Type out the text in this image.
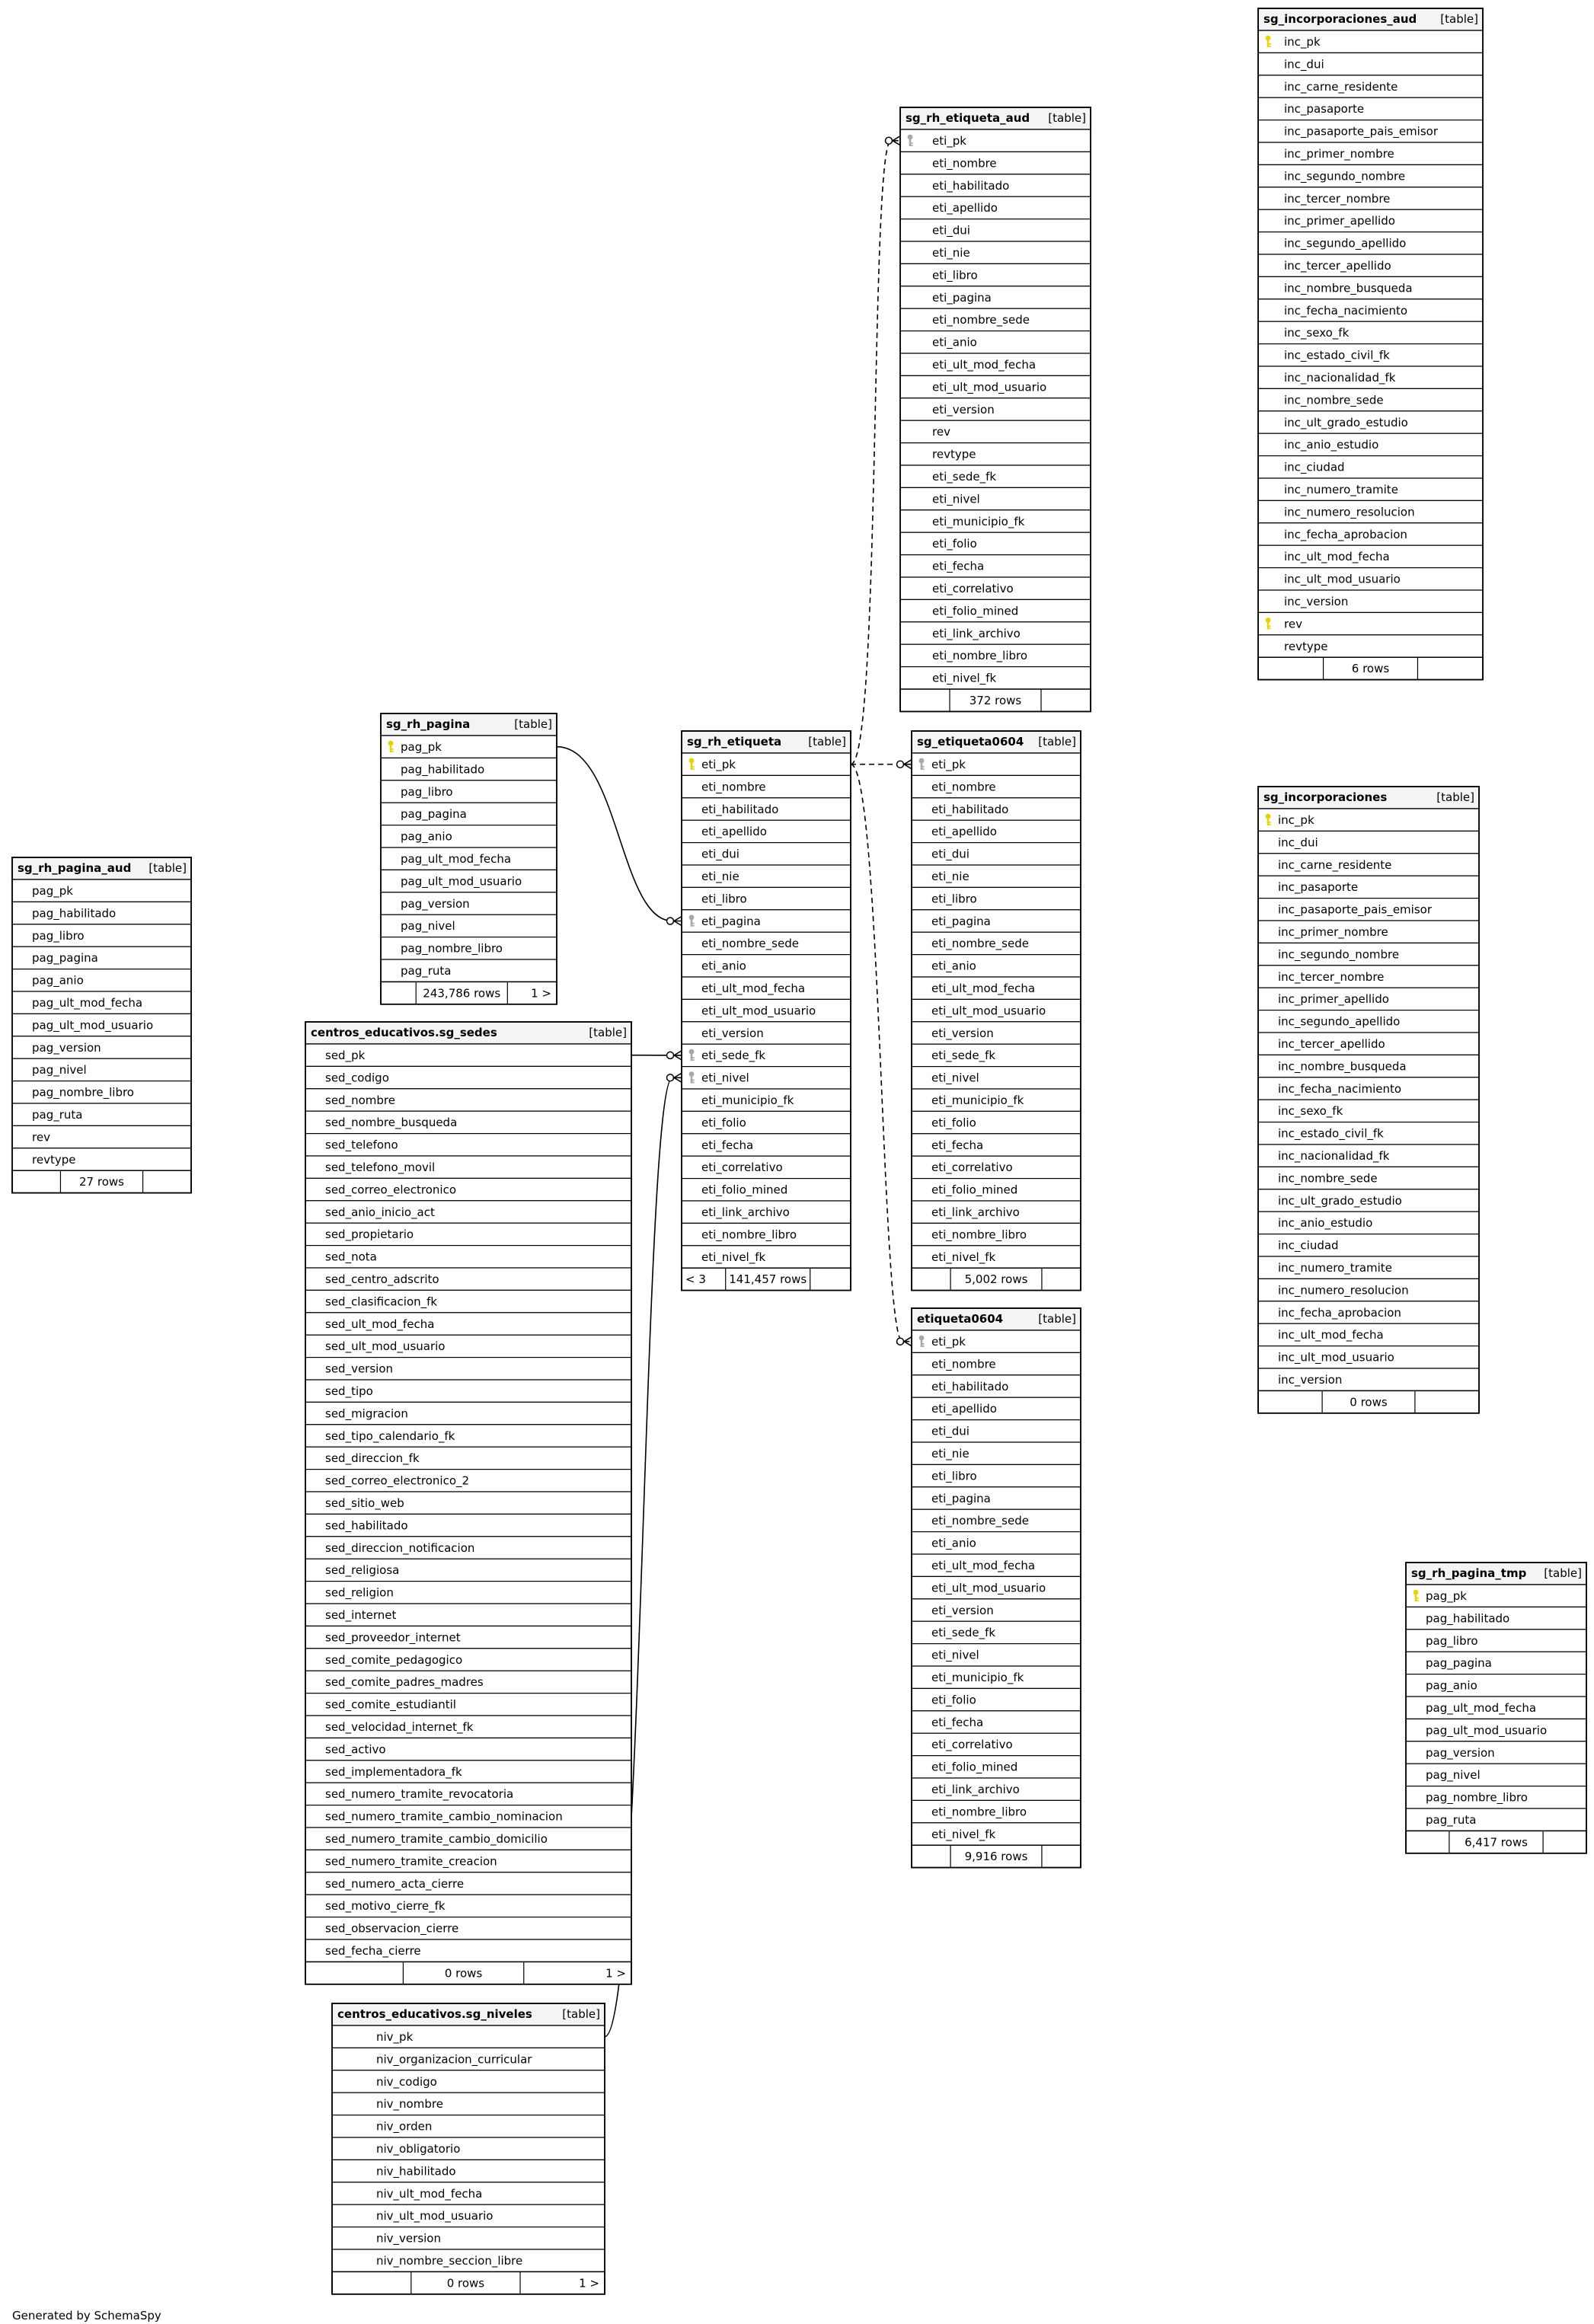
sg_incorporaciones_aud [table]
inc_pk
inc_dui
inc_carne_residente
inc_pasaporte
inc_pasaporte_pais_emisor
inc_primer_nombre
inc_segundo_nombre
inc_tercer_nombre
inc_primer_apellido
inc_segundo_apellido
inc_tercer_apellido
inc_nombre_busqueda
inc_fecha_nacimiento
inc_sexo_fk
inc_estado_civil_fk
inc_nacionalidad_fk
inc_nombre_sede
inc_ult_grado_estudio
inc_anio_estudio
inc_ciudad
inc_numero_tramite
inc_numero_resolucion
inc_fecha_aprobacion
inc_ult_mod_fecha
inc_ult_mod_usuario
inc_version
rev
revtype
6 rows
sg_rh_etiqueta_aud [table]
eti_pk
eti_nombre
eti_habilitado
eti_apellido
eti_dui
eti_nie
eti_libro
eti_pagina
eti_nombre_sede
eti_anio
eti_ult_mod_fecha
eti_ult_mod_usuario
eti_version
rev
revtype
eti_sede_fk
eti_nivel
eti_municipio_fk
eti_folio
eti_fecha
eti_correlativo
eti_folio_mined
eti_link_archivo
eti_nombre_libro
eti_nivel_fk
372 rows
sg_rh_pagina	[table]
pag_pk
pag_habilitado
pag_libro
pag_pagina
pag_anio
pag_ult_mod_fecha
pag_ult_mod_usuario
pag_version
pag_nivel
pag_nombre_libro
pag_ruta
243,786 rows	1 >
sg_rh_etiqueta [table]
eti_pk
eti_nombre
eti_habilitado
eti_apellido
eti_dui
eti_nie
eti_libro
eti_pagina
eti_nombre_sede
eti_anio
eti_ult_mod_fecha
eti_ult_mod_usuario
eti_version
eti_sede_fk
eti_nivel
eti_municipio_fk
eti_folio
eti_fecha
eti_correlativo
eti_folio_mined
eti_link_archivo
eti_nombre_libro
eti_nivel_fk
< 3 141,457 rows
sg_etiqueta0604 [table]
eti_pk
eti_nombre
eti_habilitado
eti_apellido
eti_dui
eti_nie
eti_libro
eti_pagina
eti_nombre_sede
eti_anio
eti_ult_mod_fecha
eti_ult_mod_usuario
eti_version
eti_sede_fk
eti_nivel
eti_municipio_fk
eti_folio
eti_fecha
eti_correlativo
eti_folio_mined
eti_link_archivo
eti_nombre_libro
eti_nivel_fk
5,002 rows
sg_incorporaciones	[table]
inc_pk
inc_dui
inc_carne_residente
inc_pasaporte
inc_pasaporte_pais_emisor
inc_primer_nombre
inc_segundo_nombre
inc_tercer_nombre
inc_primer_apellido
inc_segundo_apellido
inc_tercer_apellido
inc_nombre_busqueda
inc_fecha_nacimiento
inc_sexo_fk
inc_estado_civil_fk
inc_nacionalidad_fk
inc_nombre_sede
inc_ult_grado_estudio
inc_anio_estudio
inc_ciudad
inc_numero_tramite
inc_numero_resolucion
inc_fecha_aprobacion
inc_ult_mod_fecha
inc_ult_mod_usuario
inc_version
0 rows
sg_rh_pagina_aud [table]
pag_pk
pag_habilitado
pag_libro
pag_pagina
pag_anio
pag_ult_mod_fecha
pag_ult_mod_usuario
pag_version
pag_nivel
pag_nombre_libro
pag_ruta
rev
revtype
27 rows
centros_educativos.sg_sedes	[table]
sed_pk
sed_codigo
sed_nombre
sed_nombre_busqueda
sed_telefono
sed_telefono_movil
sed_correo_electronico
sed_anio_inicio_act
sed_propietario
sed_nota
sed_centro_adscrito
sed_clasificacion_fk
sed_ult_mod_fecha
sed_ult_mod_usuario
sed_version
sed_tipo
sed_migracion
sed_tipo_calendario_fk
sed_direccion_fk
sed_correo_electronico_2
sed_sitio_web
sed_habilitado
sed_direccion_notificacion
sed_religiosa
sed_religion
sed_internet
sed_proveedor_internet
sed_comite_pedagogico
sed_comite_padres_madres
sed_comite_estudiantil
sed_velocidad_internet_fk
sed_activo
sed_implementadora_fk
sed_numero_tramite_revocatoria
sed_numero_tramite_cambio_nominacion
sed_numero_tramite_cambio_domicilio
sed_numero_tramite_creacion
sed_numero_acta_cierre
sed_motivo_cierre_fk
sed_observacion_cierre
sed_fecha_cierre
0 rows	1 >
etiqueta0604	[table]
eti_pk
eti_nombre
eti_habilitado
eti_apellido
eti_dui
eti_nie
eti_libro
eti_pagina
eti_nombre_sede
eti_anio
eti_ult_mod_fecha
eti_ult_mod_usuario
eti_version
eti_sede_fk
eti_nivel
eti_municipio_fk
eti_folio
eti_fecha
eti_correlativo
eti_folio_mined
eti_link_archivo
eti_nombre_libro
eti_nivel_fk
9,916 rows
sg_rh_pagina_tmp [table]
pag_pk
pag_habilitado
pag_libro
pag_pagina
pag_anio
pag_ult_mod_fecha
pag_ult_mod_usuario
pag_version
pag_nivel
pag_nombre_libro
pag_ruta
6,417 rows
centros_educativos.sg_niveles	[table]
niv_pk
niv_organizacion_curricular
niv_codigo
niv_nombre
niv_orden
niv_obligatorio
niv_habilitado
niv_ult_mod_fecha
niv_ult_mod_usuario
niv_version
niv_nombre_seccion_libre
0 rows	1 >
Generated by SchemaSpy
